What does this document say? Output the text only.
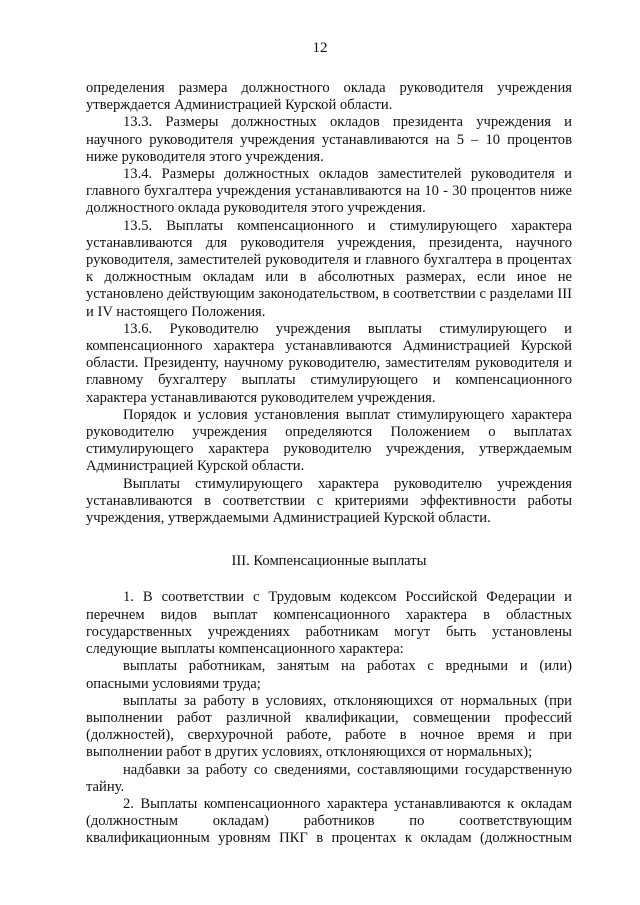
12

определения размера должностного оклада руководителя учреждения утверждается Администрацией Курской области.

13.3. Размеры должностных окладов президента учреждения и научного руководителя учреждения устанавливаются на 5 – 10 процентов ниже руководителя этого учреждения.

13.4. Размеры должностных окладов заместителей руководителя и главного бухгалтера учреждения устанавливаются на 10 - 30 процентов ниже должностного оклада руководителя этого учреждения.

13.5. Выплаты компенсационного и стимулирующего характера устанавливаются для руководителя учреждения, президента, научного руководителя, заместителей руководителя и главного бухгалтера в процентах к должностным окладам или в абсолютных размерах, если иное не установлено действующим законодательством, в соответствии с разделами III и IV настоящего Положения.

13.6. Руководителю учреждения выплаты стимулирующего и компенсационного характера устанавливаются Администрацией Курской области. Президенту, научному руководителю, заместителям руководителя и главному бухгалтеру выплаты стимулирующего и компенсационного характера устанавливаются руководителем учреждения.

Порядок и условия установления выплат стимулирующего характера руководителю учреждения определяются Положением о выплатах стимулирующего характера руководителю учреждения, утверждаемым Администрацией Курской области.

Выплаты стимулирующего характера руководителю учреждения устанавливаются в соответствии с критериями эффективности работы учреждения, утверждаемыми Администрацией Курской области.

III. Компенсационные выплаты

1. В соответствии с Трудовым кодексом Российской Федерации и перечнем видов выплат компенсационного характера в областных государственных учреждениях работникам могут быть установлены следующие выплаты компенсационного характера:

выплаты работникам, занятым на работах с вредными и (или) опасными условиями труда;

выплаты за работу в условиях, отклоняющихся от нормальных (при выполнении работ различной квалификации, совмещении профессий (должностей), сверхурочной работе, работе в ночное время и при выполнении работ в других условиях, отклоняющихся от нормальных);

надбавки за работу со сведениями, составляющими государственную тайну.

2. Выплаты компенсационного характера устанавливаются к окладам (должностным окладам) работников по соответствующим квалификационным уровням ПКГ в процентах к окладам (должностным
